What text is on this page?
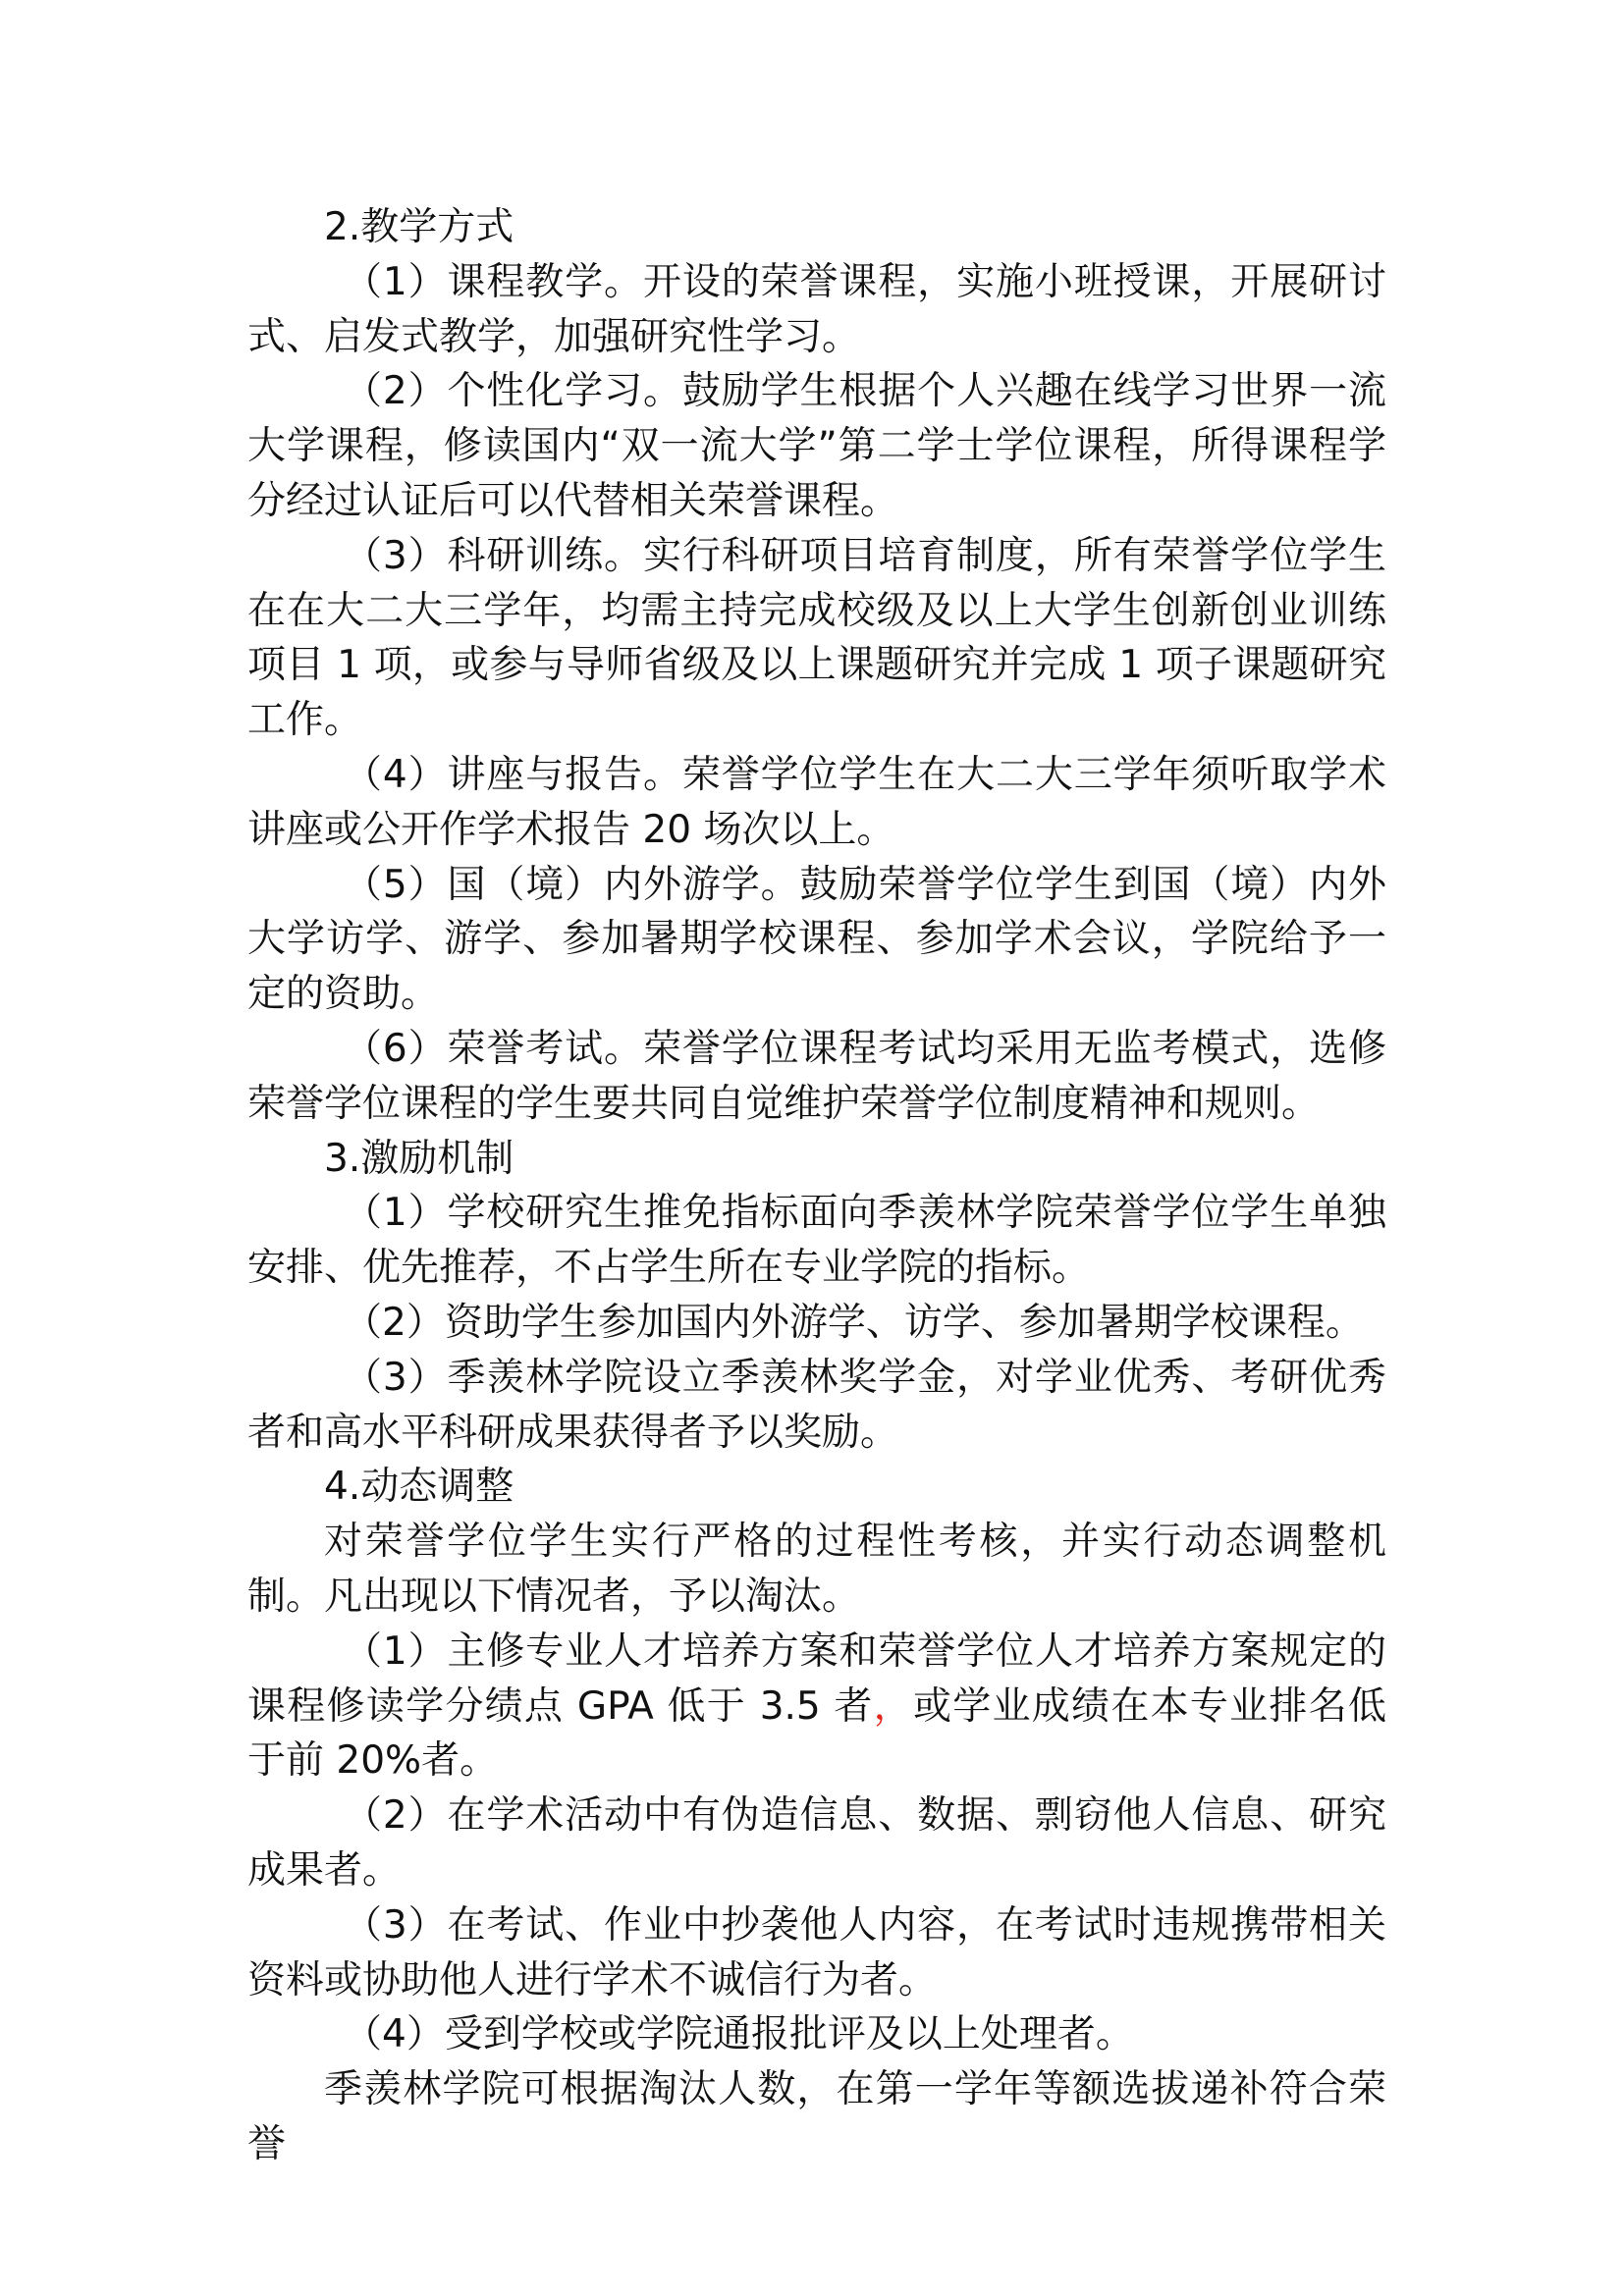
2.教学方式

（1）课程教学。开设的荣誉课程，实施小班授课，开展研讨式、启发式教学，加强研究性学习。

（2）个性化学习。鼓励学生根据个人兴趣在线学习世界一流大学课程，修读国内“双一流大学”第二学士学位课程，所得课程学分经过认证后可以代替相关荣誉课程。

（3）科研训练。实行科研项目培育制度，所有荣誉学位学生在在大二大三学年，均需主持完成校级及以上大学生创新创业训练项目 1 项，或参与导师省级及以上课题研究并完成 1 项子课题研究工作。

（4）讲座与报告。荣誉学位学生在大二大三学年须听取学术讲座或公开作学术报告 20 场次以上。

（5）国（境）内外游学。鼓励荣誉学位学生到国（境）内外大学访学、游学、参加暑期学校课程、参加学术会议，学院给予一定的资助。

（6）荣誉考试。荣誉学位课程考试均采用无监考模式，选修荣誉学位课程的学生要共同自觉维护荣誉学位制度精神和规则。

3.激励机制

（1）学校研究生推免指标面向季羡林学院荣誉学位学生单独安排、优先推荐，不占学生所在专业学院的指标。

（2）资助学生参加国内外游学、访学、参加暑期学校课程。

（3）季羡林学院设立季羡林奖学金，对学业优秀、考研优秀者和高水平科研成果获得者予以奖励。

4.动态调整

对荣誉学位学生实行严格的过程性考核，并实行动态调整机制。凡出现以下情况者，予以淘汰。

（1）主修专业人才培养方案和荣誉学位人才培养方案规定的课程修读学分绩点 GPA 低于 3.5 者，或学业成绩在本专业排名低于前 20%者。

（2）在学术活动中有伪造信息、数据、剽窃他人信息、研究成果者。

（3）在考试、作业中抄袭他人内容，在考试时违规携带相关资料或协助他人进行学术不诚信行为者。

（4）受到学校或学院通报批评及以上处理者。

季羡林学院可根据淘汰人数，在第一学年等额选拔递补符合荣誉
